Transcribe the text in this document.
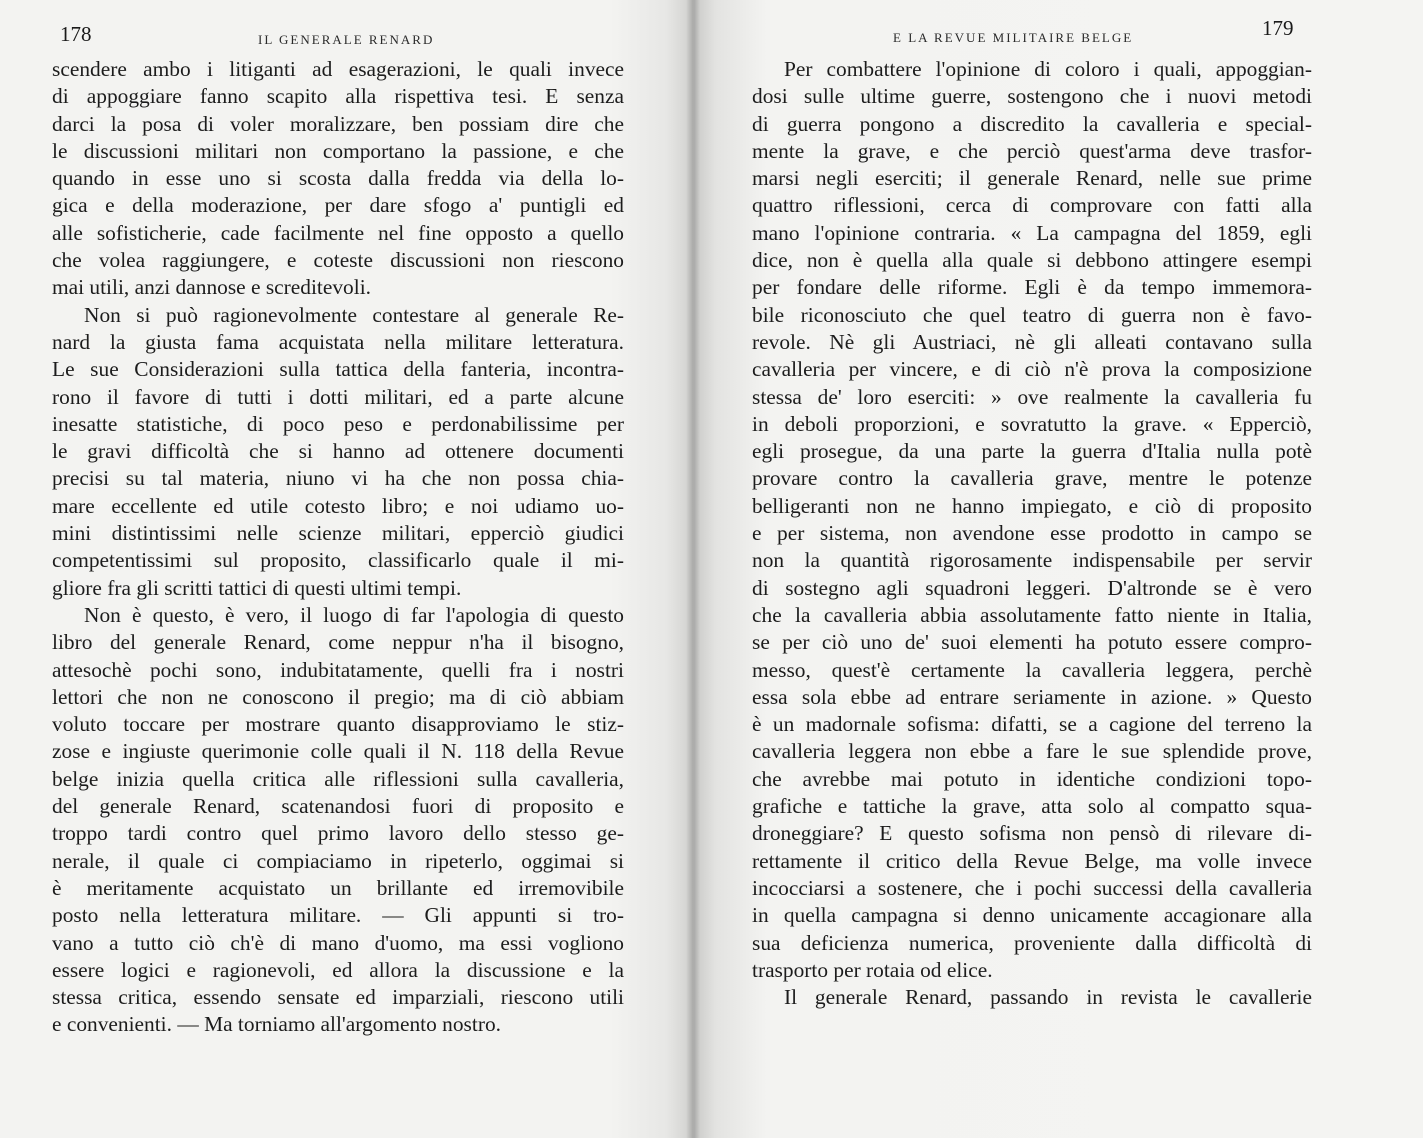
178	IL GENERALE RENARD
scendere ambo i litiganti ad esagerazioni, le quali invece
di appoggiare fanno scapito alla rispettiva tesi. E senza
darci la posa di voler moralizzare, ben possiam dire che
le discussioni militari non comportano la passione, e che
quando in esse uno si scosta dalla fredda via della lo-
gica e della moderazione, per dare sfogo a' puntigli ed
alle sofisticherie, cade facilmente nel fine opposto a quello
che volea raggiungere, e coteste discussioni non riescono
mai utili, anzi dannose e screditevoli.
Non si può ragionevolmente contestare al generale Re-
nard la giusta fama acquistata nella militare letteratura.
Le sue Considerazioni sulla tattica della fanteria, incontra-
rono il favore di tutti i dotti militari, ed a parte alcune
inesatte statistiche, di poco peso e perdonabilissime per
le gravi difficoltà che si hanno ad ottenere documenti
precisi su tal materia, niuno vi ha che non possa chia-
mare eccellente ed utile cotesto libro; e noi udiamo uo-
mini distintissimi nelle scienze militari, epperciò giudici
competentissimi sul proposito, classificarlo quale il mi-
gliore fra gli scritti tattici di questi ultimi tempi.
Non è questo, è vero, il luogo di far l'apologia di questo
libro del generale Renard, come neppur n'ha il bisogno,
attesochè pochi sono, indubitatamente, quelli fra i nostri
lettori che non ne conoscono il pregio; ma di ciò abbiam
voluto toccare per mostrare quanto disapproviamo le stiz-
zose e ingiuste querimonie colle quali il N. 118 della Revue
belge inizia quella critica alle riflessioni sulla cavalleria,
del generale Renard, scatenandosi fuori di proposito e
troppo tardi contro quel primo lavoro dello stesso ge-
nerale, il quale ci compiaciamo in ripeterlo, oggimai si
è meritamente acquistato un brillante ed irremovibile
posto nella letteratura militare. — Gli appunti si tro-
vano a tutto ciò ch'è di mano d'uomo, ma essi vogliono
essere logici e ragionevoli, ed allora la discussione e la
stessa critica, essendo sensate ed imparziali, riescono utili
e convenienti. — Ma torniamo all'argomento nostro.
E LA REVUE MILITAIRE BELGE	179
Per combattere l'opinione di coloro i quali, appoggian-
dosi sulle ultime guerre, sostengono che i nuovi metodi
di guerra pongono a discredito la cavalleria e special-
mente la grave, e che perciò quest'arma deve trasfor-
marsi negli eserciti; il generale Renard, nelle sue prime
quattro riflessioni, cerca di comprovare con fatti alla
mano l'opinione contraria. « La campagna del 1859, egli
dice, non è quella alla quale si debbono attingere esempi
per fondare delle riforme. Egli è da tempo immemora-
bile riconosciuto che quel teatro di guerra non è favo-
revole. Nè gli Austriaci, nè gli alleati contavano sulla
cavalleria per vincere, e di ciò n'è prova la composizione
stessa de' loro eserciti: » ove realmente la cavalleria fu
in deboli proporzioni, e sovratutto la grave. « Epperciò,
egli prosegue, da una parte la guerra d'Italia nulla potè
provare contro la cavalleria grave, mentre le potenze
belligeranti non ne hanno impiegato, e ciò di proposito
e per sistema, non avendone esse prodotto in campo se
non la quantità rigorosamente indispensabile per servir
di sostegno agli squadroni leggeri. D'altronde se è vero
che la cavalleria abbia assolutamente fatto niente in Italia,
se per ciò uno de' suoi elementi ha potuto essere compro-
messo, quest'è certamente la cavalleria leggera, perchè
essa sola ebbe ad entrare seriamente in azione. » Questo
è un madornale sofisma: difatti, se a cagione del terreno la
cavalleria leggera non ebbe a fare le sue splendide prove,
che avrebbe mai potuto in identiche condizioni topo-
grafiche e tattiche la grave, atta solo al compatto squa-
droneggiare? E questo sofisma non pensò di rilevare di-
rettamente il critico della Revue Belge, ma volle invece
incocciarsi a sostenere, che i pochi successi della cavalleria
in quella campagna si denno unicamente accagionare alla
sua deficienza numerica, proveniente dalla difficoltà di
trasporto per rotaia od elice.
Il generale Renard, passando in revista le cavallerie
